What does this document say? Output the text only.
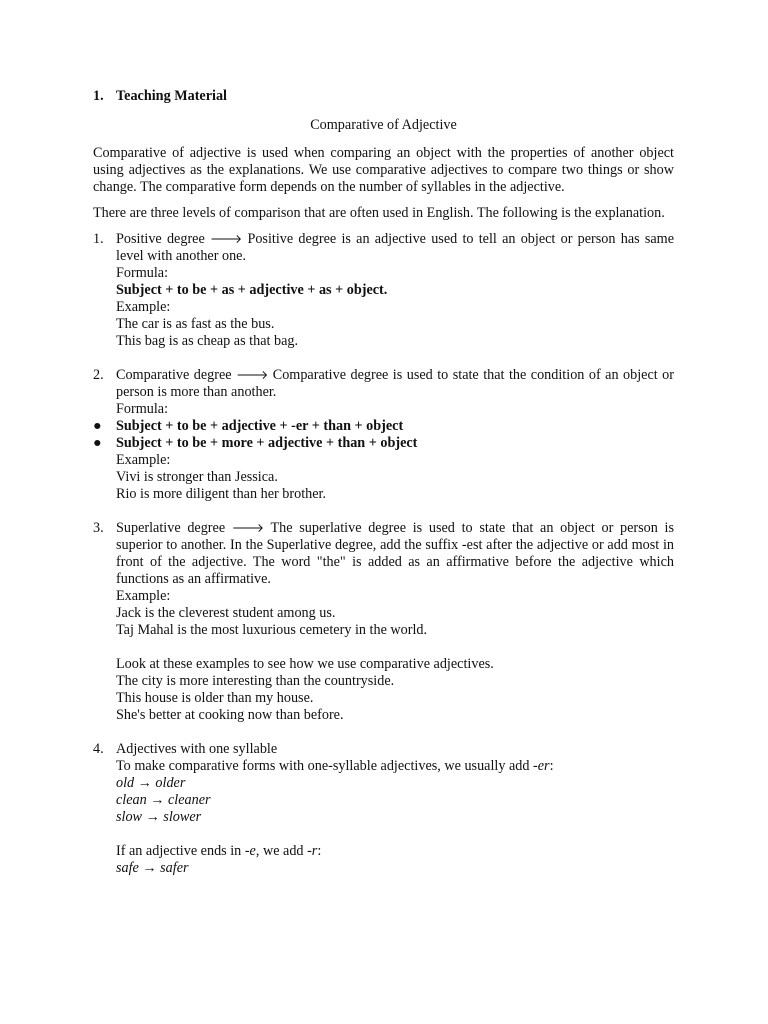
1. Teaching Material
Comparative of Adjective
Comparative of adjective is used when comparing an object with the properties of another object using adjectives as the explanations. We use comparative adjectives to compare two things or show change. The comparative form depends on the number of syllables in the adjective.
There are three levels of comparison that are often used in English. The following is the explanation.
1. Positive degree 🡒 Positive degree is an adjective used to tell an object or person has same level with another one.
Formula:
Subject + to be + as + adjective + as + object.
Example:
The car is as fast as the bus.
This bag is as cheap as that bag.
2. Comparative degree 🡒 Comparative degree is used to state that the condition of an object or person is more than another.
Formula:
● Subject + to be + adjective + -er + than + object
● Subject + to be + more + adjective + than + object
Example:
Vivi is stronger than Jessica.
Rio is more diligent than her brother.
3. Superlative degree 🡒 The superlative degree is used to state that an object or person is superior to another. In the Superlative degree, add the suffix -est after the adjective or add most in front of the adjective. The word "the" is added as an affirmative before the adjective which functions as an affirmative.
Example:
Jack is the cleverest student among us.
Taj Mahal is the most luxurious cemetery in the world.
Look at these examples to see how we use comparative adjectives.
The city is more interesting than the countryside.
This house is older than my house.
She's better at cooking now than before.
4. Adjectives with one syllable
To make comparative forms with one-syllable adjectives, we usually add -er:
old → older
clean → cleaner
slow → slower
If an adjective ends in -e, we add -r:
safe → safer
